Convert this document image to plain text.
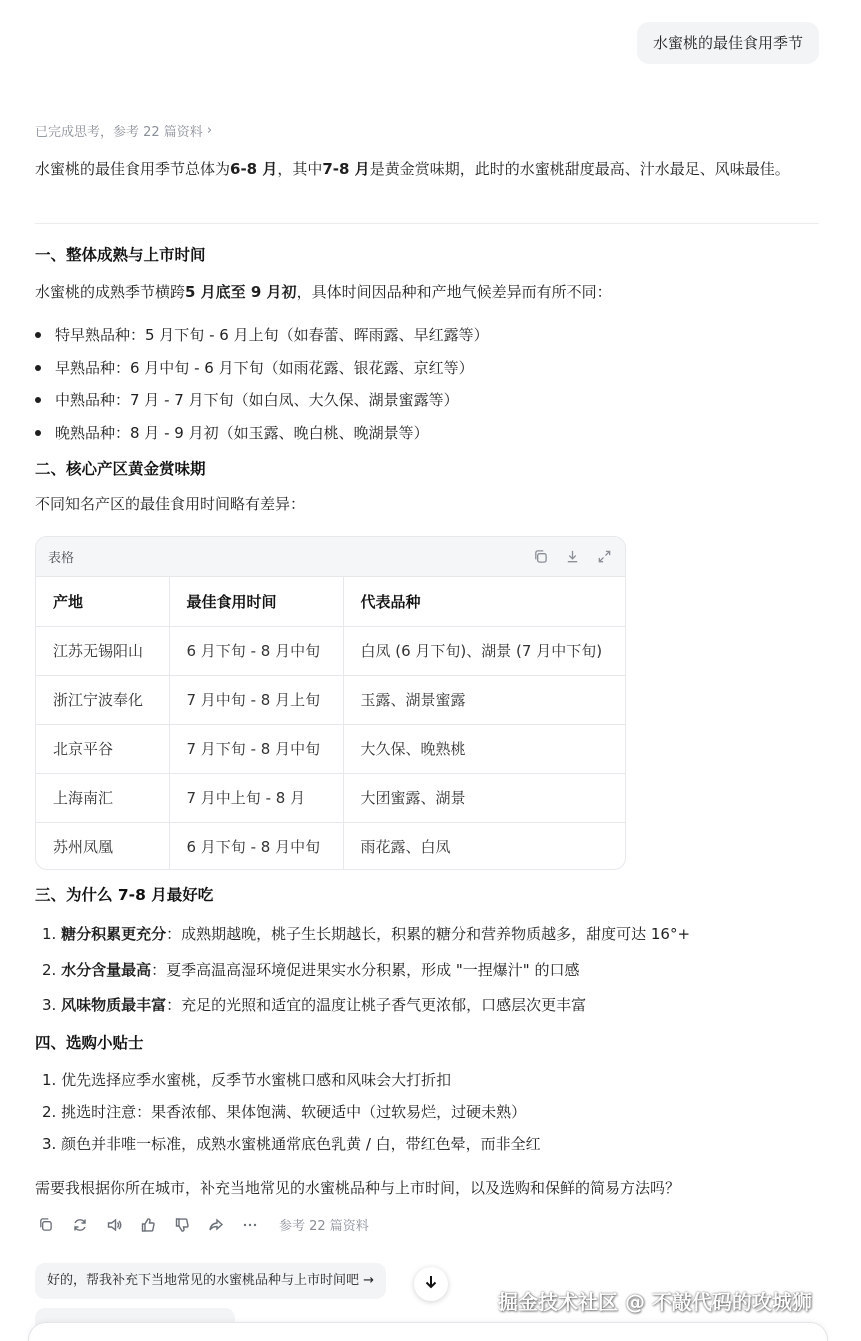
水蜜桃的最佳食用季节
已完成思考，参考 22 篇资料 ›
水蜜桃的最佳食用季节总体为6-8 月，其中7-8 月是黄金赏味期，此时的水蜜桃甜度最高、汁水最足、风味最佳。
一、整体成熟与上市时间
水蜜桃的成熟季节横跨5 月底至 9 月初，具体时间因品种和产地气候差异而有所不同：
特早熟品种：5 月下旬 - 6 月上旬（如春蕾、晖雨露、早红露等）
早熟品种：6 月中旬 - 6 月下旬（如雨花露、银花露、京红等）
中熟品种：7 月 - 7 月下旬（如白凤、大久保、湖景蜜露等）
晚熟品种：8 月 - 9 月初（如玉露、晚白桃、晚湖景等）
二、核心产区黄金赏味期
不同知名产区的最佳食用时间略有差异：
表格
产地	最佳食用时间	代表品种
江苏无锡阳山	6 月下旬 - 8 月中旬	白凤 (6 月下旬)、湖景 (7 月中下旬)
浙江宁波奉化	7 月中旬 - 8 月上旬	玉露、湖景蜜露
北京平谷	7 月下旬 - 8 月中旬	大久保、晚熟桃
上海南汇	7 月中上旬 - 8 月	大团蜜露、湖景
苏州凤凰	6 月下旬 - 8 月中旬	雨花露、白凤
三、为什么 7-8 月最好吃
1. 糖分积累更充分：成熟期越晚，桃子生长期越长，积累的糖分和营养物质越多，甜度可达 16°+
2. 水分含量最高：夏季高温高湿环境促进果实水分积累，形成 "一捏爆汁" 的口感
3. 风味物质最丰富：充足的光照和适宜的温度让桃子香气更浓郁，口感层次更丰富
四、选购小贴士
1. 优先选择应季水蜜桃，反季节水蜜桃口感和风味会大打折扣
2. 挑选时注意：果香浓郁、果体饱满、软硬适中（过软易烂，过硬未熟）
3. 颜色并非唯一标准，成熟水蜜桃通常底色乳黄 / 白，带红色晕，而非全红
需要我根据你所在城市，补充当地常见的水蜜桃品种与上市时间，以及选购和保鲜的简易方法吗？
参考 22 篇资料
好的，帮我补充下当地常见的水蜜桃品种与上市时间吧 →
掘金技术社区 @ 不敲代码的攻城狮
